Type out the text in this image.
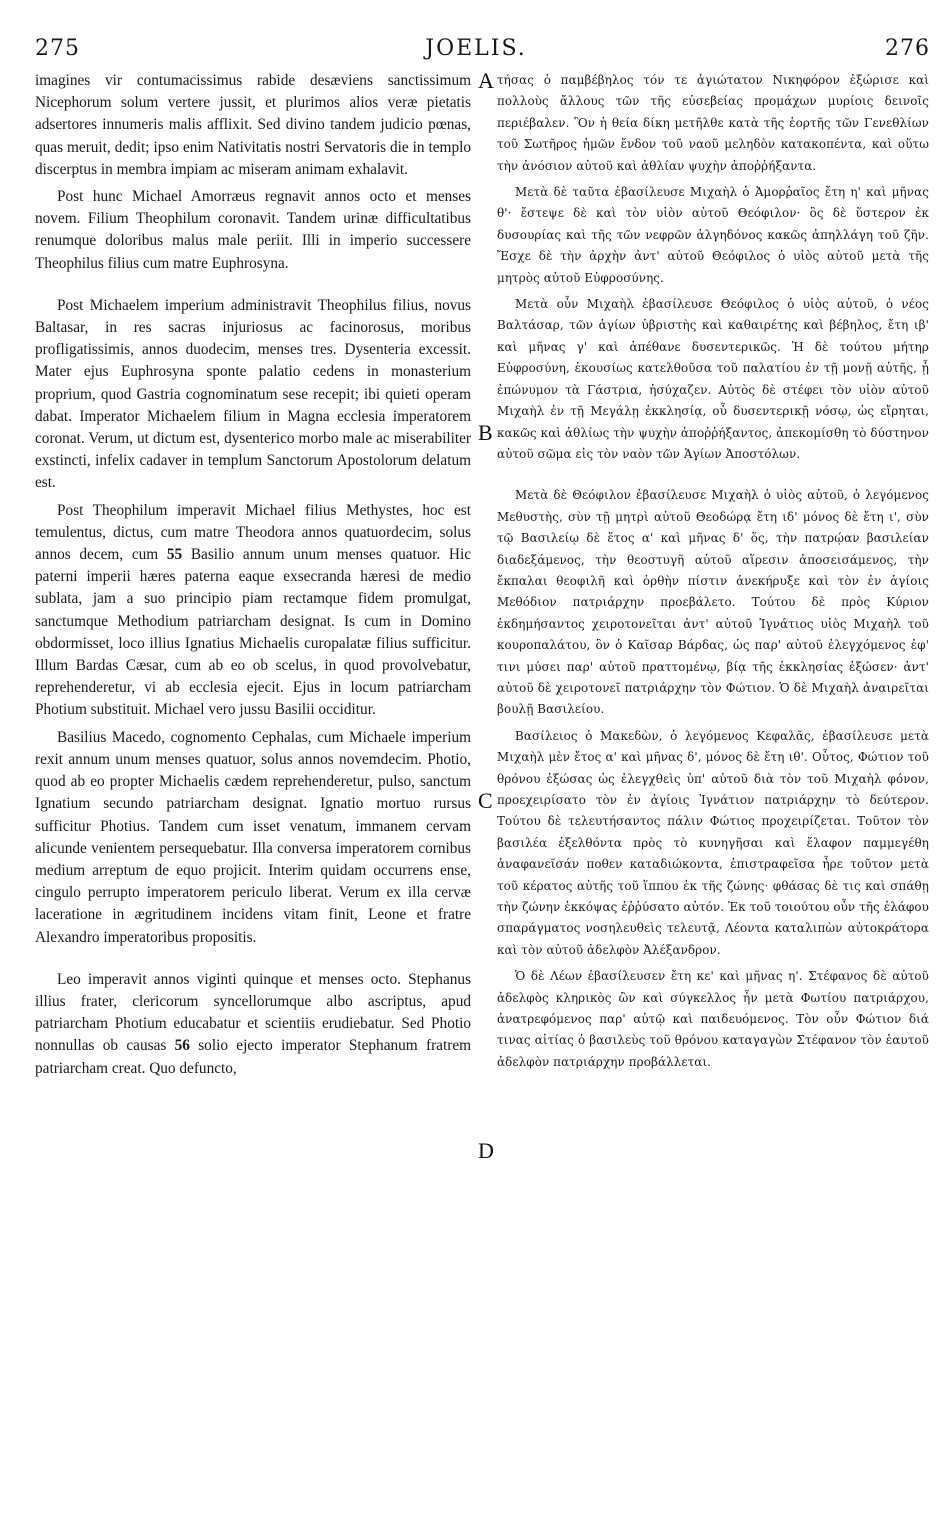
275	JOELIS.	276
A
B
C
D

imagines vir contumacissimus rabide desæviens sanctissimum Nicephorum solum vertere jussit, et plurimos alios veræ pietatis adsertores innumeris malis afflixit. Sed divino tandem judicio pœnas, quas meruit, dedit; ipso enim Nativitatis nostri Servatoris die in templo discerptus in membra impiam ac miseram animam exhalavit.

Post hunc Michael Amorræus regnavit annos octo et menses novem. Filium Theophilum coronavit. Tandem urinæ difficultatibus renumque doloribus malus male periit. Illi in imperio successere Theophilus filius cum matre Euphrosyna.

Post Michaelem imperium administravit Theophilus filius, novus Baltasar, in res sacras injuriosus ac facinorosus, moribus profligatissimis, annos duodecim, menses tres. Dysenteria excessit. Mater ejus Euphrosyna sponte palatio cedens in monasterium proprium, quod Gastria cognominatum sese recepit; ibi quieti operam dabat. Imperator Michaelem filium in Magna ecclesia imperatorem coronat. Verum, ut dictum est, dysenterico morbo male ac miserabiliter exstincti, infelix cadaver in templum Sanctorum Apostolorum delatum est.

Post Theophilum imperavit Michael filius Methystes, hoc est temulentus, dictus, cum matre Theodora annos quatuordecim, solus annos decem, cum 55 Basilio annum unum menses quatuor. Hic paterni imperii hæres paterna eaque exsecranda hæresi de medio sublata, jam a suo principio piam rectamque fidem promulgat, sanctumque Methodium patriarcham designat. Is cum in Domino obdormisset, loco illius Ignatius Michaelis curopalatæ filius sufficitur. Illum Bardas Cæsar, cum ab eo ob scelus, in quod provolvebatur, reprehenderetur, vi ab ecclesia ejecit. Ejus in locum patriarcham Photium substituit. Michael vero jussu Basilii occiditur.

Basilius Macedo, cognomento Cephalas, cum Michaele imperium rexit annum unum menses quatuor, solus annos novemdecim. Photio, quod ab eo propter Michaelis cædem reprehenderetur, pulso, sanctum Ignatium secundo patriarcham designat. Ignatio mortuo rursus sufficitur Photius. Tandem cum isset venatum, immanem cervam alicunde venientem persequebatur. Illa conversa imperatorem cornibus medium arreptum de equo projicit. Interim quidam occurrens ense, cingulo perrupto imperatorem periculo liberat. Verum ex illa cervæ laceratione in ægritudinem incidens vitam finit, Leone et fratre Alexandro imperatoribus propositis.

Leo imperavit annos viginti quinque et menses octo. Stephanus illius frater, clericorum syncellorumque albo ascriptus, apud patriarcham Photium educabatur et scientiis erudiebatur. Sed Photio nonnullas ob causas 56 solio ejecto imperator Stephanum fratrem patriarcham creat. Quo defuncto,

τήσας ὁ παμβέβηλος τόν τε ἁγιώτατον Νικηφόρον ἐξώρισε καὶ πολλοὺς ἄλλους τῶν τῆς εὐσεβείας προμάχων μυρίοις δεινοῖς περιέβαλεν. Ὃν ἡ θεία δίκη μετῆλθε κατὰ τῆς ἑορτῆς τῶν Γενεθλίων τοῦ Σωτῆρος ἡμῶν ἔνδον τοῦ ναοῦ μεληδὸν κατακοπέντα, καὶ οὕτω τὴν ἀνόσιον αὐτοῦ καὶ ἀθλίαν ψυχὴν ἀποῤῥήξαντα.

Μετὰ δὲ ταῦτα ἐβασίλευσε Μιχαὴλ ὁ Ἀμορῥαῖος ἔτη η' καὶ μῆνας θ'· ἔστεψε δὲ καὶ τὸν υἱὸν αὐτοῦ Θεόφιλον· ὃς δὲ ὕστερον ἐκ δυσουρίας καὶ τῆς τῶν νεφρῶν ἀλγηδόνος κακῶς ἀπηλλάγη τοῦ ζῆν. Ἔσχε δὲ τὴν ἀρχὴν ἀντ' αὐτοῦ Θεόφιλος ὁ υἱὸς αὐτοῦ μετὰ τῆς μητρὸς αὐτοῦ Εὐφροσύνης.

Μετὰ οὖν Μιχαὴλ ἐβασίλευσε Θεόφιλος ὁ υἱὸς αὐτοῦ, ὁ νέος Βαλτάσαρ, τῶν ἁγίων ὑβριστὴς καὶ καθαιρέτης καὶ βέβηλος, ἔτη ιβ' καὶ μῆνας γ' καὶ ἀπέθανε δυσεντερικῶς. Ἡ δὲ τούτου μήτηρ Εὐφροσύνη, ἑκουσίως κατελθοῦσα τοῦ παλατίου ἐν τῇ μονῇ αὐτῆς, ᾗ ἐπώνυμον τὰ Γάστρια, ἡσύχαζεν. Αὐτὸς δὲ στέφει τὸν υἱὸν αὐτοῦ Μιχαὴλ ἐν τῇ Μεγάλῃ ἐκκλησίᾳ, οὗ δυσεντερικῇ νόσῳ, ὡς εἴρηται, κακῶς καὶ ἀθλίως τὴν ψυχὴν ἀποῤῥήξαντος, ἀπεκομίσθη τὸ δύστηνον αὐτοῦ σῶμα εἰς τὸν ναὸν τῶν Ἁγίων Ἀποστόλων.

Μετὰ δὲ Θεόφιλον ἐβασίλευσε Μιχαὴλ ὁ υἱὸς αὐτοῦ, ὁ λεγόμενος Μεθυστὴς, σὺν τῇ μητρὶ αὐτοῦ Θεοδώρᾳ ἔτη ιδ' μόνος δὲ ἔτη ι', σὺν τῷ Βασιλείῳ δὲ ἔτος α' καὶ μῆνας δ' ὅς, τὴν πατρῴαν βασιλείαν διαδεξάμενος, τὴν θεοστυγῆ αὐτοῦ αἵρεσιν ἀποσεισάμενος, τὴν ἔκπαλαι θεοφιλῆ καὶ ὀρθὴν πίστιν ἀνεκήρυξε καὶ τὸν ἐν ἁγίοις Μεθόδιον πατριάρχην προεβάλετο. Τούτου δὲ πρὸς Κύριον ἐκδημήσαντος χειροτονεῖται ἀντ' αὐτοῦ Ἰγνάτιος υἱὸς Μιχαὴλ τοῦ κουροπαλάτου, ὃν ὁ Καῖσαρ Βάρδας, ὡς παρ' αὐτοῦ ἐλεγχόμενος ἐφ' τινι μύσει παρ' αὐτοῦ πραττομένῳ, βίᾳ τῆς ἐκκλησίας ἐξώσεν· ἀντ' αὐτοῦ δὲ χειροτονεῖ πατριάρχην τὸν Φώτιον. Ὁ δὲ Μιχαὴλ ἀναιρεῖται βουλῇ Βασιλείου.

Βασίλειος ὁ Μακεδὼν, ὁ λεγόμενος Κεφαλᾶς, ἐβασίλευσε μετὰ Μιχαὴλ μὲν ἔτος α' καὶ μῆνας δ', μόνος δὲ ἔτη ιθ'. Οὗτος, Φώτιον τοῦ θρόνου ἐξώσας ὡς ἐλεγχθεὶς ὑπ' αὐτοῦ διὰ τὸν τοῦ Μιχαὴλ φόνον, προεχειρίσατο τὸν ἐν ἁγίοις Ἰγνάτιον πατριάρχην τὸ δεύτερον. Τούτου δὲ τελευτήσαντος πάλιν Φώτιος προχειρίζεται. Τοῦτον τὸν βασιλέα ἐξελθόντα πρὸς τὸ κυνηγῆσαι καὶ ἔλαφον παμμεγέθη ἀναφανεῖσάν ποθεν καταδιώκοντα, ἐπιστραφεῖσα ἦρε τοῦτον μετὰ τοῦ κέρατος αὐτῆς τοῦ ἵππου ἐκ τῆς ζώνης· φθάσας δὲ τις καὶ σπάθῃ τὴν ζώνην ἐκκόψας ἐῤῥύσατο αὐτόν. Ἐκ τοῦ τοιούτου οὖν τῆς ἐλάφου σπαράγματος νοσηλευθεὶς τελευτᾷ, Λέοντα καταλιπὼν αὐτοκράτορα καὶ τὸν αὐτοῦ ἀδελφὸν Ἀλέξανδρον.

Ὁ δὲ Λέων ἐβασίλευσεν ἔτη κε' καὶ μῆνας η'. Στέφανος δὲ αὐτοῦ ἀδελφὸς κληρικὸς ὢν καὶ σύγκελλος ἦν μετὰ Φωτίου πατριάρχου, ἀνατρεφόμενος παρ' αὐτῷ καὶ παιδευόμενος. Τὸν οὖν Φώτιον διά τινας αἰτίας ὁ βασιλεὺς τοῦ θρόνου καταγαγὼν Στέφανον τὸν ἑαυτοῦ ἀδελφὸν πατριάρχην προβάλλεται.
